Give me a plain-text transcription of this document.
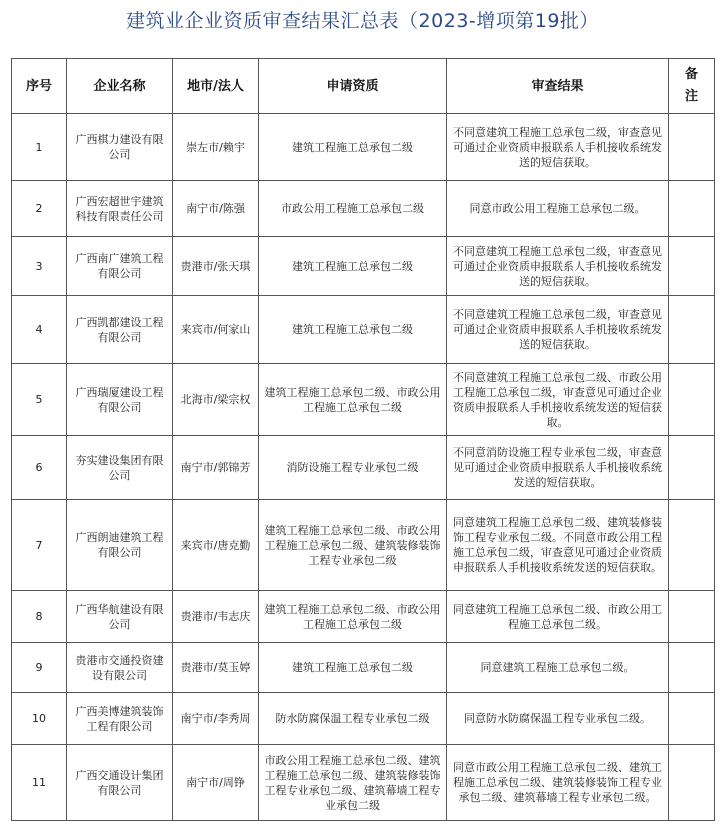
建筑业企业资质审查结果汇总表（2023-增项第19批）
序号	企业名称	地市/法人	申请资质	审查结果	备
注

1	广西棋力建设有限公司	崇左市/赖宇	建筑工程施工总承包二级	不同意建筑工程施工总承包二级，审查意见可通过企业资质申报联系人手机接收系统发送的短信获取。	
2	广西宏超世宇建筑科技有限责任公司	南宁市/陈强	市政公用工程施工总承包二级	同意市政公用工程施工总承包二级。	
3	广西南广建筑工程有限公司	贵港市/张天琪	建筑工程施工总承包二级	不同意建筑工程施工总承包二级，审查意见可通过企业资质申报联系人手机接收系统发送的短信获取。	
4	广西凯都建设工程有限公司	来宾市/何家山	建筑工程施工总承包二级	不同意建筑工程施工总承包二级，审查意见可通过企业资质申报联系人手机接收系统发送的短信获取。	
5	广西瑞厦建设工程有限公司	北海市/梁宗权	建筑工程施工总承包二级、市政公用工程施工总承包二级	不同意建筑工程施工总承包二级、市政公用工程施工总承包二级，审查意见可通过企业资质申报联系人手机接收系统发送的短信获取。	
6	夯实建设集团有限公司	南宁市/郭锦芳	消防设施工程专业承包二级	不同意消防设施工程专业承包二级，审查意见可通过企业资质申报联系人手机接收系统发送的短信获取。	
7	广西朗迪建筑工程有限公司	来宾市/唐克勤	建筑工程施工总承包二级、市政公用工程施工总承包二级、建筑装修装饰工程专业承包二级	同意建筑工程施工总承包二级、建筑装修装饰工程专业承包二级。不同意市政公用工程施工总承包二级，审查意见可通过企业资质申报联系人手机接收系统发送的短信获取。	
8	广西华航建设有限公司	贵港市/韦志庆	建筑工程施工总承包二级、市政公用工程施工总承包二级	同意建筑工程施工总承包二级、市政公用工程施工总承包二级。	
9	贵港市交通投资建设有限公司	贵港市/莫玉婷	建筑工程施工总承包二级	同意建筑工程施工总承包二级。	
10	广西美博建筑装饰工程有限公司	南宁市/李秀周	防水防腐保温工程专业承包二级	同意防水防腐保温工程专业承包二级。	
11	广西交通设计集团有限公司	南宁市/周铮	市政公用工程施工总承包二级、建筑工程施工总承包二级、建筑装修装饰工程专业承包二级、建筑幕墙工程专业承包二级	同意市政公用工程施工总承包二级、建筑工程施工总承包二级、建筑装修装饰工程专业承包二级、建筑幕墙工程专业承包二级。	
